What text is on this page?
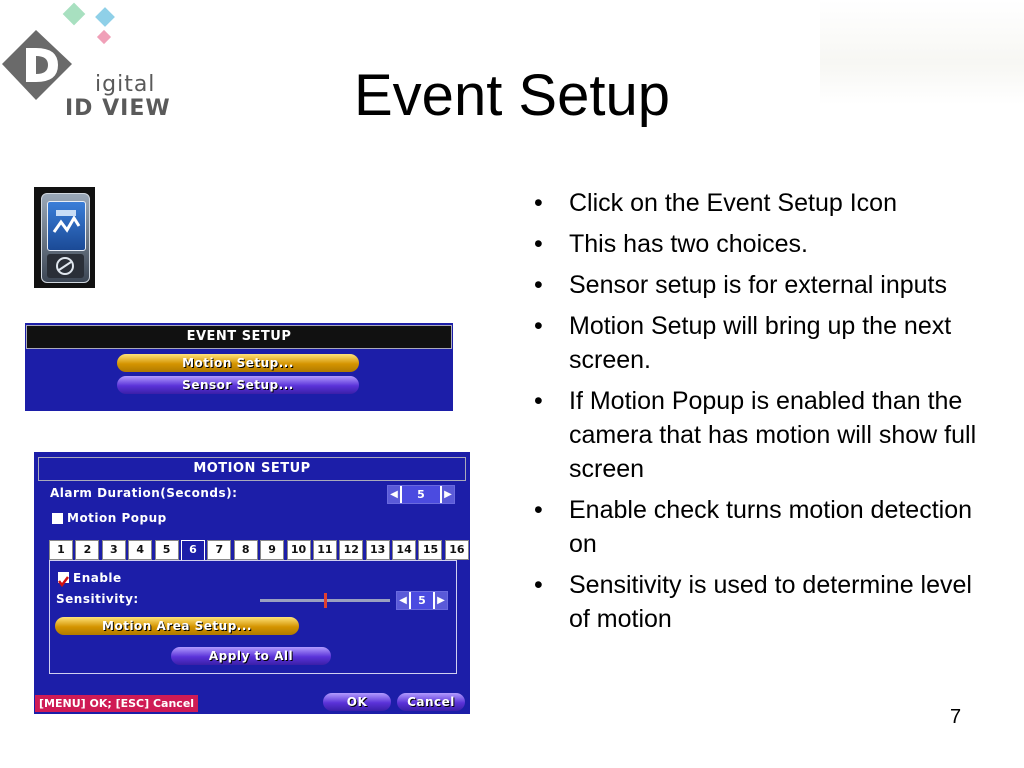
igital
ID VIEW	Event Setup
EVENT SETUP
Motion Setup...
Sensor Setup...
MOTION SETUP
Alarm Duration(Seconds):	◀	5	▶
Motion Popup
1	2	3	4	5	6	7	8	9	10	11	12	13	14	15	16
Enable
Sensitivity:	◀	5	▶
Motion Area Setup...
Apply to All
[MENU] OK; [ESC] Cancel	OK	Cancel
• Click on the Event Setup Icon
• This has two choices.
• Sensor setup is for external inputs
• Motion Setup will bring up the next screen.
• If Motion Popup is enabled than the camera that has motion will show full screen
• Enable check turns motion detection on
• Sensitivity is used to determine level of motion
7
